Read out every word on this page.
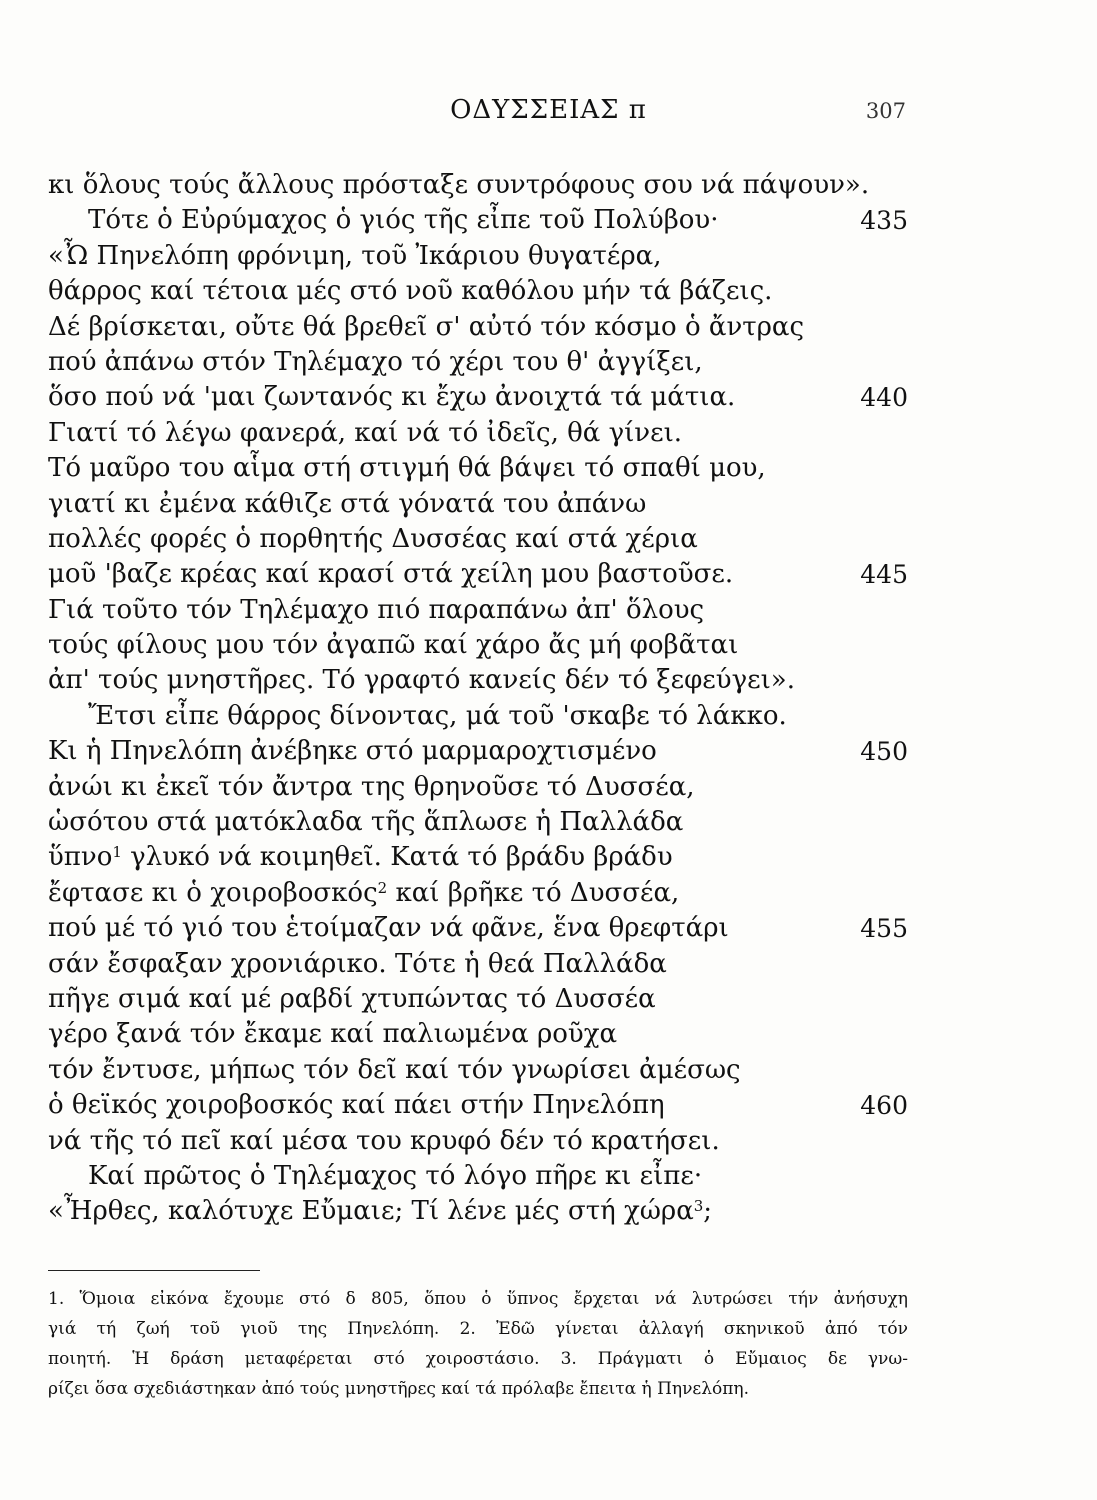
ΟΔΥΣΣΕΙΑΣ π	307
κι ὅλους τούς ἄλλους πρόσταξε συντρόφους σου νά πάψουν».
Τότε ὁ Εὐρύμαχος ὁ γιός τῆς εἶπε τοῦ Πολύβου·	435
«Ὦ Πηνελόπη φρόνιμη, τοῦ Ἰκάριου θυγατέρα,
θάρρος καί τέτοια μές στό νοῦ καθόλου μήν τά βάζεις.
Δέ βρίσκεται, οὔτε θά βρεθεῖ σ' αὐτό τόν κόσμο ὁ ἄντρας
πού ἀπάνω στόν Τηλέμαχο τό χέρι του θ' ἀγγίξει,
ὅσο πού νά 'μαι ζωντανός κι ἔχω ἀνοιχτά τά μάτια.	440
Γιατί τό λέγω φανερά, καί νά τό ἰδεῖς, θά γίνει.
Τό μαῦρο του αἷμα στή στιγμή θά βάψει τό σπαθί μου,
γιατί κι ἐμένα κάθιζε στά γόνατά του ἀπάνω
πολλές φορές ὁ πορθητής Δυσσέας καί στά χέρια
μοῦ 'βαζε κρέας καί κρασί στά χείλη μου βαστοῦσε.	445
Γιά τοῦτο τόν Τηλέμαχο πιό παραπάνω ἀπ' ὅλους
τούς φίλους μου τόν ἀγαπῶ καί χάρο ἄς μή φοβᾶται
ἀπ' τούς μνηστῆρες. Τό γραφτό κανείς δέν τό ξεφεύγει».
Ἔτσι εἶπε θάρρος δίνοντας, μά τοῦ 'σκαβε τό λάκκο.
Κι ἡ Πηνελόπη ἀνέβηκε στό μαρμαροχτισμένο	450
ἀνώι κι ἐκεῖ τόν ἄντρα της θρηνοῦσε τό Δυσσέα,
ὡσότου στά ματόκλαδα τῆς ἅπλωσε ἡ Παλλάδα
ὕπνο$^1$ γλυκό νά κοιμηθεῖ. Κατά τό βράδυ βράδυ
ἔφτασε κι ὁ χοιροβοσκός$^2$ καί βρῆκε τό Δυσσέα,
πού μέ τό γιό του ἑτοίμαζαν νά φᾶνε, ἕνα θρεφτάρι	455
σάν ἔσφαξαν χρονιάρικο. Τότε ἡ θεά Παλλάδα
πῆγε σιμά καί μέ ραβδί χτυπώντας τό Δυσσέα
γέρο ξανά τόν ἔκαμε καί παλιωμένα ροῦχα
τόν ἔντυσε, μήπως τόν δεῖ καί τόν γνωρίσει ἀμέσως
ὁ θεϊκός χοιροβοσκός καί πάει στήν Πηνελόπη	460
νά τῆς τό πεῖ καί μέσα του κρυφό δέν τό κρατήσει.
Καί πρῶτος ὁ Τηλέμαχος τό λόγο πῆρε κι εἶπε·
«Ἦρθες, καλότυχε Εὔμαιε; Τί λένε μές στή χώρα$^3$;
1. Ὅμοια εἰκόνα ἔχουμε στό δ 805, ὅπου ὁ ὕπνος ἔρχεται νά λυτρώσει τήν ἀνήσυχη
γιά τή ζωή τοῦ γιοῦ της Πηνελόπη. 2. Ἐδῶ γίνεται ἀλλαγή σκηνικοῦ ἀπό τόν
ποιητή. Ἡ δράση μεταφέρεται στό χοιροστάσιο. 3. Πράγματι ὁ Εὔμαιος δε γνω-
ρίζει ὅσα σχεδιάστηκαν ἀπό τούς μνηστῆρες καί τά πρόλαβε ἔπειτα ἡ Πηνελόπη.
